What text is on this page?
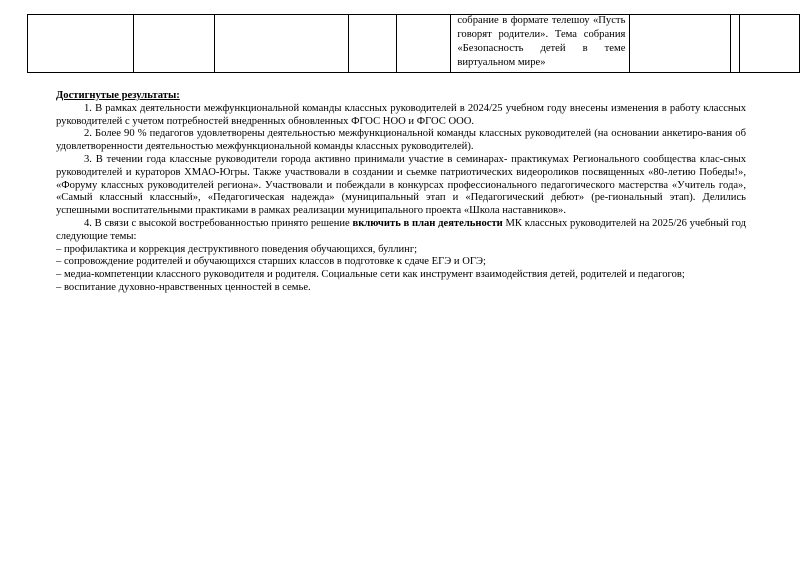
собрание в формате телешоу «Пусть говорят родители». Тема собрания «Безопасность детей в теме виртуальном мире»

Достигнутые результаты:

1. В рамках деятельности межфункциональной команды классных руководителей в 2024/25 учебном году внесены изменения в работу классных руководителей с учетом потребностей внедренных обновленных ФГОС НОО и ФГОС ООО.

2. Более 90 % педагогов удовлетворены деятельностью межфункциональной команды классных руководителей (на основании анкетиро-вания об удовлетворенности деятельностью межфункциональной команды классных руководителей).

3. В течении года классные руководители города активно принимали участие в семинарах- практикумах Регионального сообщества клас-сных руководителей и кураторов ХМАО-Югры. Также участвовали в создании и сьемке патриотических видеороликов посвященных «80-летию Победы!», «Форуму классных руководителей региона». Участвовали и побеждали в конкурсах профессионального педагогического мастерства «Учитель года», «Самый классный классный», «Педагогическая надежда» (муниципальный этап и «Педагогический дебют» (ре-гиональный этап). Делились успешными воспитательными практиками в рамках реализации муниципального проекта «Школа наставников».

4. В связи с высокой востребованностью принято решение включить в план деятельности МК классных руководителей на 2025/26 учебный год следующие темы:

– профилактика и коррекция деструктивного поведения обучающихся, буллинг;

– сопровождение родителей и обучающихся старших классов в подготовке к сдаче ЕГЭ и ОГЭ;

– медиа-компетенции классного руководителя и родителя. Социальные сети как инструмент взаимодействия детей, родителей и педагогов;

– воспитание духовно-нравственных ценностей в семье.
